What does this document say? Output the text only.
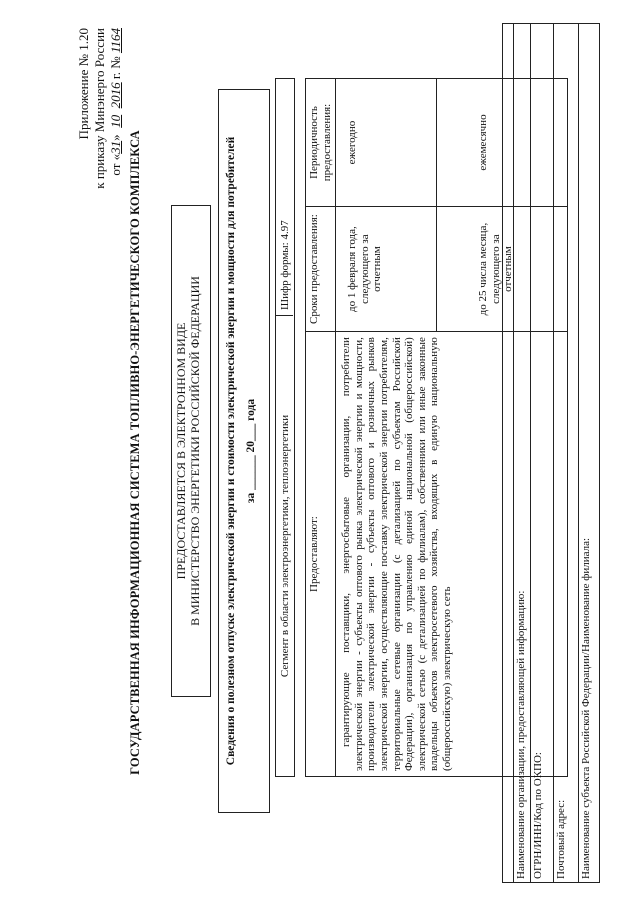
Приложение № 1.20 к приказу Минэнерго России от «31»  10  2016 г. № 1164
ГОСУДАРСТВЕННАЯ ИНФОРМАЦИОННАЯ СИСТЕМА ТОПЛИВНО-ЭНЕРГЕТИЧЕСКОГО КОМПЛЕКСА	ПРЕДОСТАВЛЯЕТСЯ В ЭЛЕКТРОННОМ ВИДЕ В МИНИСТЕРСТВО ЭНЕРГЕТИКИ РОССИЙСКОЙ ФЕДЕРАЦИИ Сведения о полезном отпуске электрической энергии и стоимости электрической энергии и мощности для потребителей за ______ 20___ года Сегмент в области электроэнергетики, теплоэнергетики
Шифр формы: 4.97
Предоставляют:	Сроки предоставления:	Периодичность предоставления:
гарантирующие поставщики, энергосбытовые организации, потребители электрической энергии - субъекты оптового рынка электрической энергии и мощности, производители электрической энергии - субъекты оптового и розничных рынков электрической энергии, осуществляющие поставку электрической энергии потребителям, территориальные сетевые организации (с детализацией по субъектам Российской Федерации), организация по управлению единой национальной (общероссийской) электрической сетью (с детализацией по филиалам), собственники или иные законные владельцы объектов электросетевого хозяйства, входящих в единую национальную (общероссийскую) электрическую сеть	до 1 февраля года, следующего за отчетным	ежегодно
	до 25 числа месяца, следующего за отчетным	ежемесячно
Наименование организации, предоставляющей информацию: ОГРН/ИНН/Код по ОКПО: Почтовый адрес: Наименование субъекта Российской Федерации/Наименование филиала:
